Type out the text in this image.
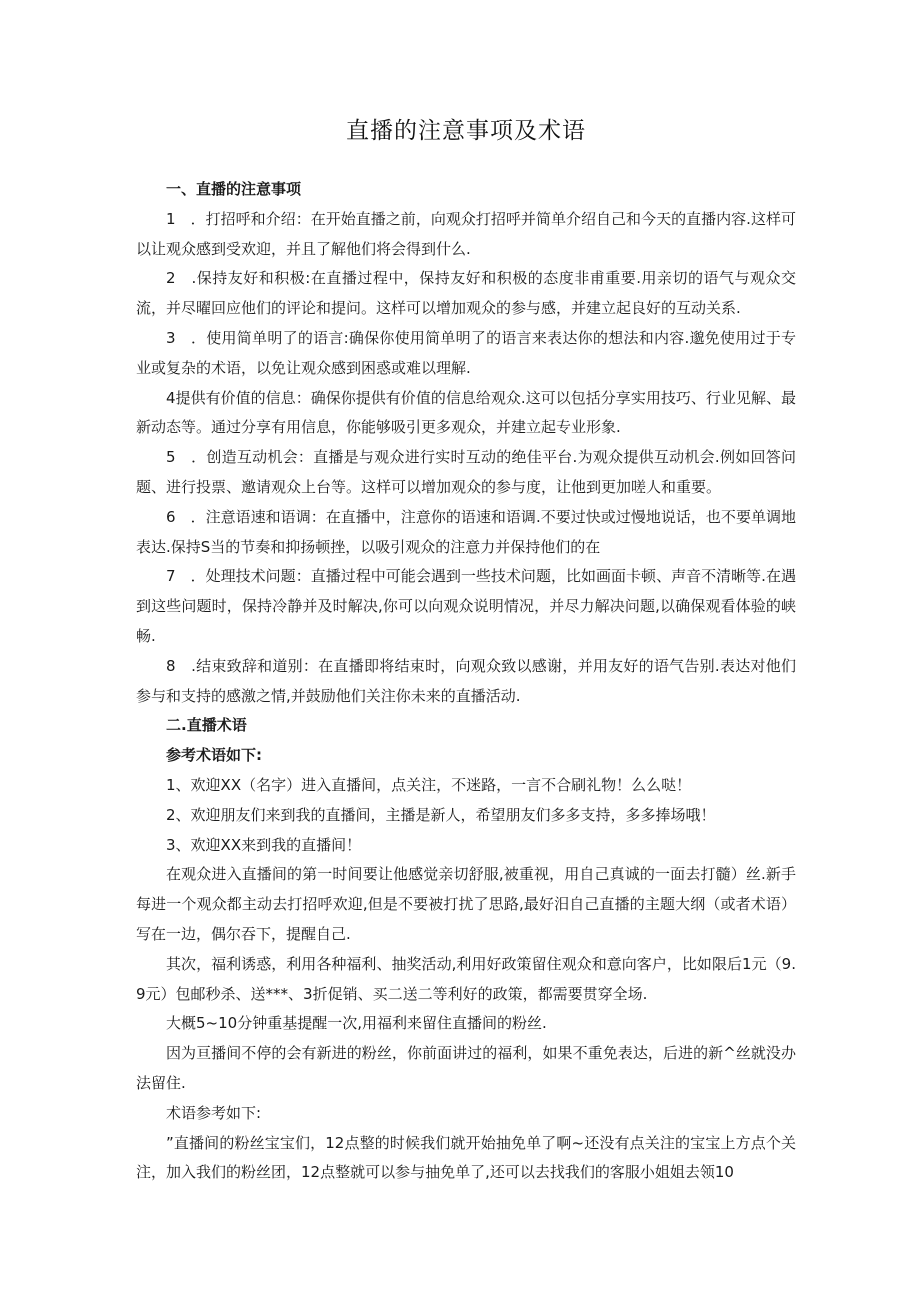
直播的注意事项及术语

一、直播的注意事项

1　．打招呼和介绍：在开始直播之前，向观众打招呼并简单介绍自己和今天的直播内容.这样可以让观众感到受欢迎，并且了解他们将会得到什么.

2　.保持友好和积极:在直播过程中，保持友好和积极的态度非甫重要.用亲切的语气与观众交流，并尽曜回应他们的评论和提问。这样可以增加观众的参与感，并建立起良好的互动关系.

3　．使用简单明了的语言:确保你使用简单明了的语言来表达你的想法和内容.邈免使用过于专业或复杂的术语，以免让观众感到困惑或难以理解.

4提供有价值的信息：确保你提供有价值的信息给观众.这可以包括分享实用技巧、行业见解、最新动态等。通过分享有用信息，你能够吸引更多观众，并建立起专业形象.

5　．创造互动机会：直播是与观众进行实时互动的绝佳平台.为观众提供互动机会.例如回答问题、进行投票、邀请观众上台等。这样可以增加观众的参与度，让他到更加嗟人和重要。

6　．注意语速和语调：在直播中，注意你的语速和语调.不要过快或过慢地说话，也不要单调地表达.保持S当的节奏和抑扬顿挫，以吸引观众的注意力并保持他们的在

7　．处理技术问题：直播过程中可能会遇到一些技术问题，比如画面卡顿、声音不清晰等.在遇到这些问题时，保持冷静并及时解决,你可以向观众说明情况，并尽力解决问题,以确保观看体验的峡畅.

8　.结束致辞和道别：在直播即将结束时，向观众致以感谢，并用友好的语气告别.表达对他们参与和支持的感激之情,并鼓励他们关注你未来的直播活动.

二.直播术语

参考术语如下:

1、欢迎XX（名字）进入直播间，点关注，不迷路，一言不合刷礼物！么么哒！

2、欢迎朋友们来到我的直播间，主播是新人，希望朋友们多多支持，多多捧场哦！

3、欢迎XX来到我的直播间！

在观众进入直播间的第一时间要让他感觉亲切舒服,被重视，用自己真诚的一面去打髓）丝.新手每进一个观众都主动去打招呼欢迎,但是不要被打扰了思路,最好汨自己直播的主题大纲（或者术语）写在一边，偶尔吞下，提醒自己.

其次，福利诱惑，利用各种福利、抽奖活动,利用好政策留住观众和意向客户，比如限后1元（9.9元）包邮秒杀、送***、3折促销、买二送二等利好的政策，都需要贯穿全场.

大概5~10分钟重基提醒一次,用福利来留住直播间的粉丝.

因为亘播间不停的会有新进的粉丝，你前面讲过的福利，如果不重免表达，后进的新^丝就没办法留住.

术语参考如下:

”直播间的粉丝宝宝们，12点整的时候我们就开始抽免单了啊~还没有点关注的宝宝上方点个关注，加入我们的粉丝团，12点整就可以参与抽免单了,还可以去找我们的客服小姐姐去领10
